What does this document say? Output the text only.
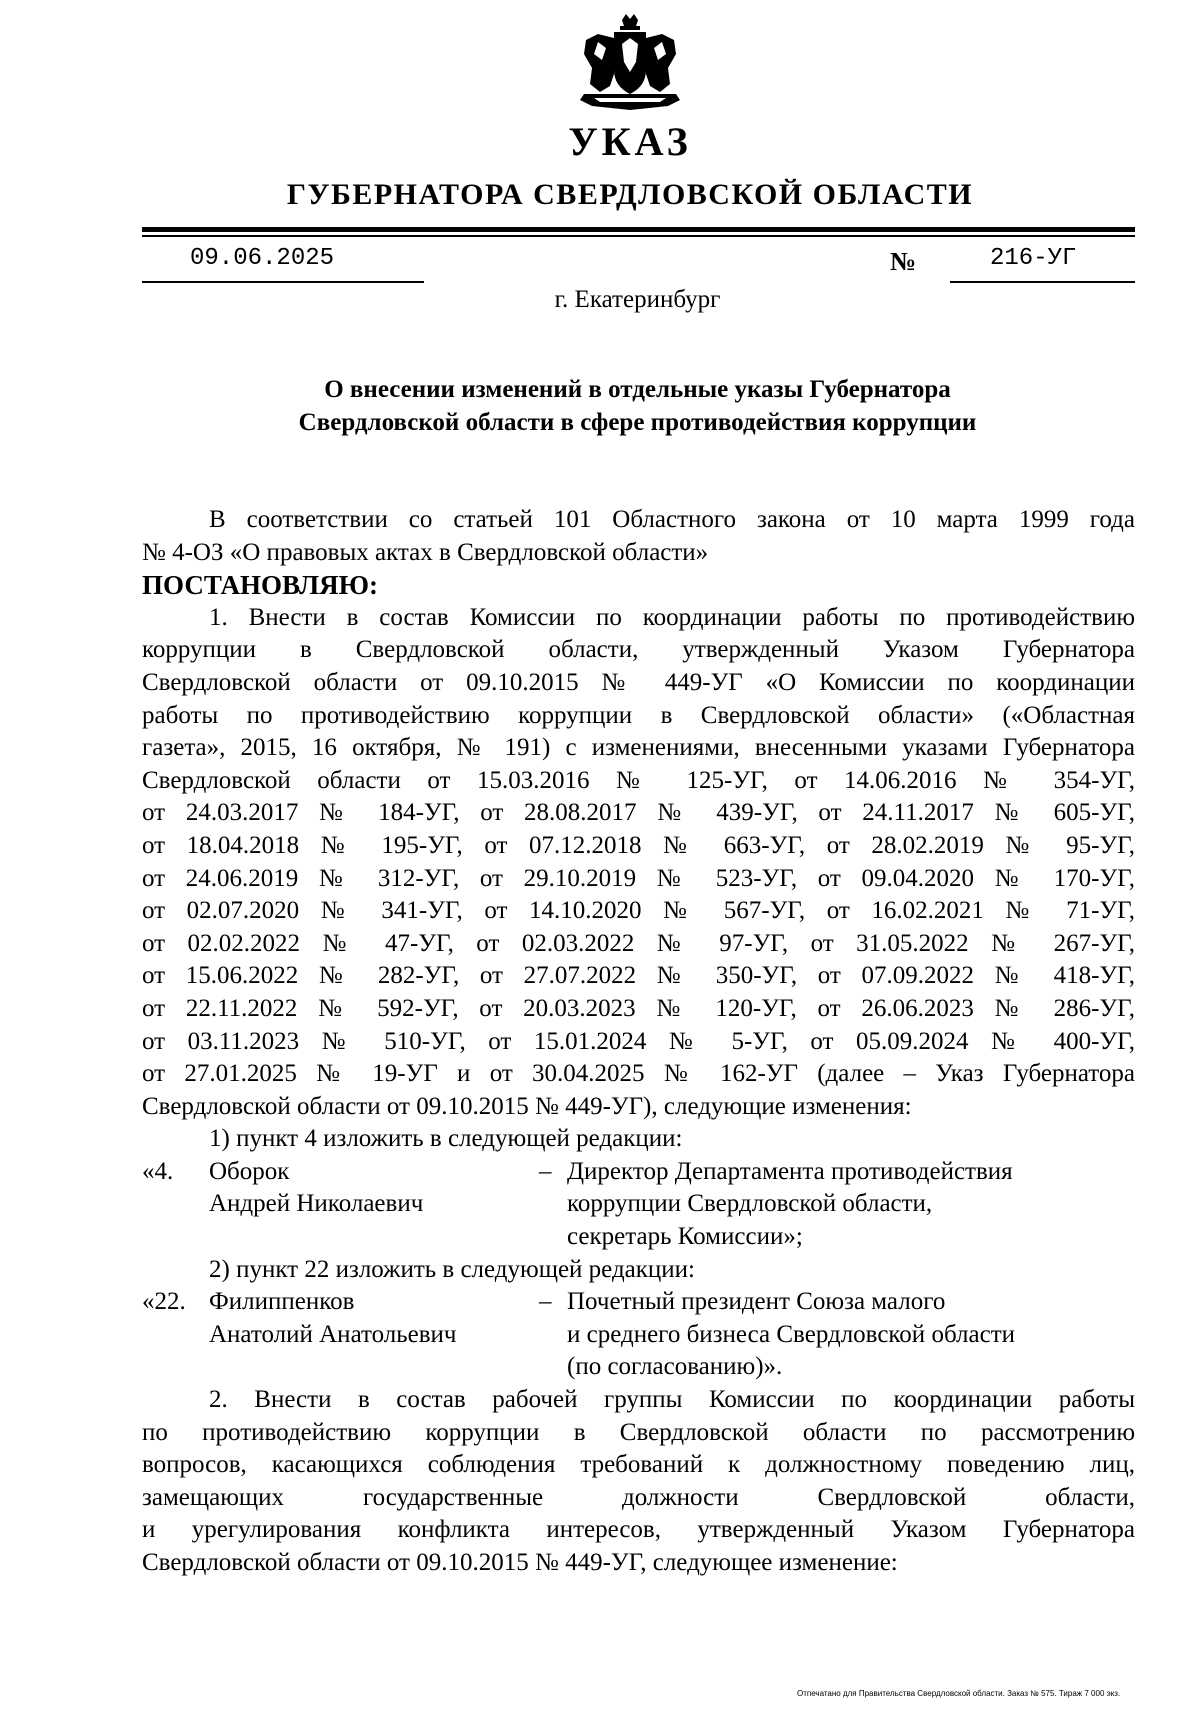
УКАЗ
ГУБЕРНАТОРА СВЕРДЛОВСКОЙ ОБЛАСТИ
09.06.2025	№	216-УГ
г. Екатеринбург
О внесении изменений в отдельные указы Губернатора
Свердловской области в сфере противодействия коррупции
В соответствии со статьей 101 Областного закона от 10 марта 1999 года
№ 4-ОЗ «О правовых актах в Свердловской области»
ПОСТАНОВЛЯЮ:
1. Внести в состав Комиссии по координации работы по противодействию
коррупции в Свердловской области, утвержденный Указом Губернатора
Свердловской области от 09.10.2015 № 449-УГ «О Комиссии по координации
работы по противодействию коррупции в Свердловской области» («Областная
газета», 2015, 16 октября, № 191) с изменениями, внесенными указами Губернатора
Свердловской области от 15.03.2016 № 125-УГ, от 14.06.2016 № 354-УГ,
от 24.03.2017 № 184-УГ, от 28.08.2017 № 439-УГ, от 24.11.2017 № 605-УГ,
от 18.04.2018 № 195-УГ, от 07.12.2018 № 663-УГ, от 28.02.2019 № 95-УГ,
от 24.06.2019 № 312-УГ, от 29.10.2019 № 523-УГ, от 09.04.2020 № 170-УГ,
от 02.07.2020 № 341-УГ, от 14.10.2020 № 567-УГ, от 16.02.2021 № 71-УГ,
от 02.02.2022 № 47-УГ, от 02.03.2022 № 97-УГ, от 31.05.2022 № 267-УГ,
от 15.06.2022 № 282-УГ, от 27.07.2022 № 350-УГ, от 07.09.2022 № 418-УГ,
от 22.11.2022 № 592-УГ, от 20.03.2023 № 120-УГ, от 26.06.2023 № 286-УГ,
от 03.11.2023 № 510-УГ, от 15.01.2024 № 5-УГ, от 05.09.2024 № 400-УГ,
от 27.01.2025 № 19-УГ и от 30.04.2025 № 162-УГ (далее – Указ Губернатора
Свердловской области от 09.10.2015 № 449-УГ), следующие изменения:
1) пункт 4 изложить в следующей редакции:
«4. Оборок	– Директор Департамента противодействия
Андрей Николаевич	коррупции Свердловской области,
секретарь Комиссии»;
2) пункт 22 изложить в следующей редакции:
«22. Филиппенков	– Почетный президент Союза малого
Анатолий Анатольевич	и среднего бизнеса Свердловской области
(по согласованию)».
2. Внести в состав рабочей группы Комиссии по координации работы
по противодействию коррупции в Свердловской области по рассмотрению
вопросов, касающихся соблюдения требований к должностному поведению лиц,
замещающих государственные должности Свердловской области,
и урегулирования конфликта интересов, утвержденный Указом Губернатора
Свердловской области от 09.10.2015 № 449-УГ, следующее изменение:
Отпечатано для Правительства Свердловской области. Заказ № 575. Тираж 7 000 экз.
